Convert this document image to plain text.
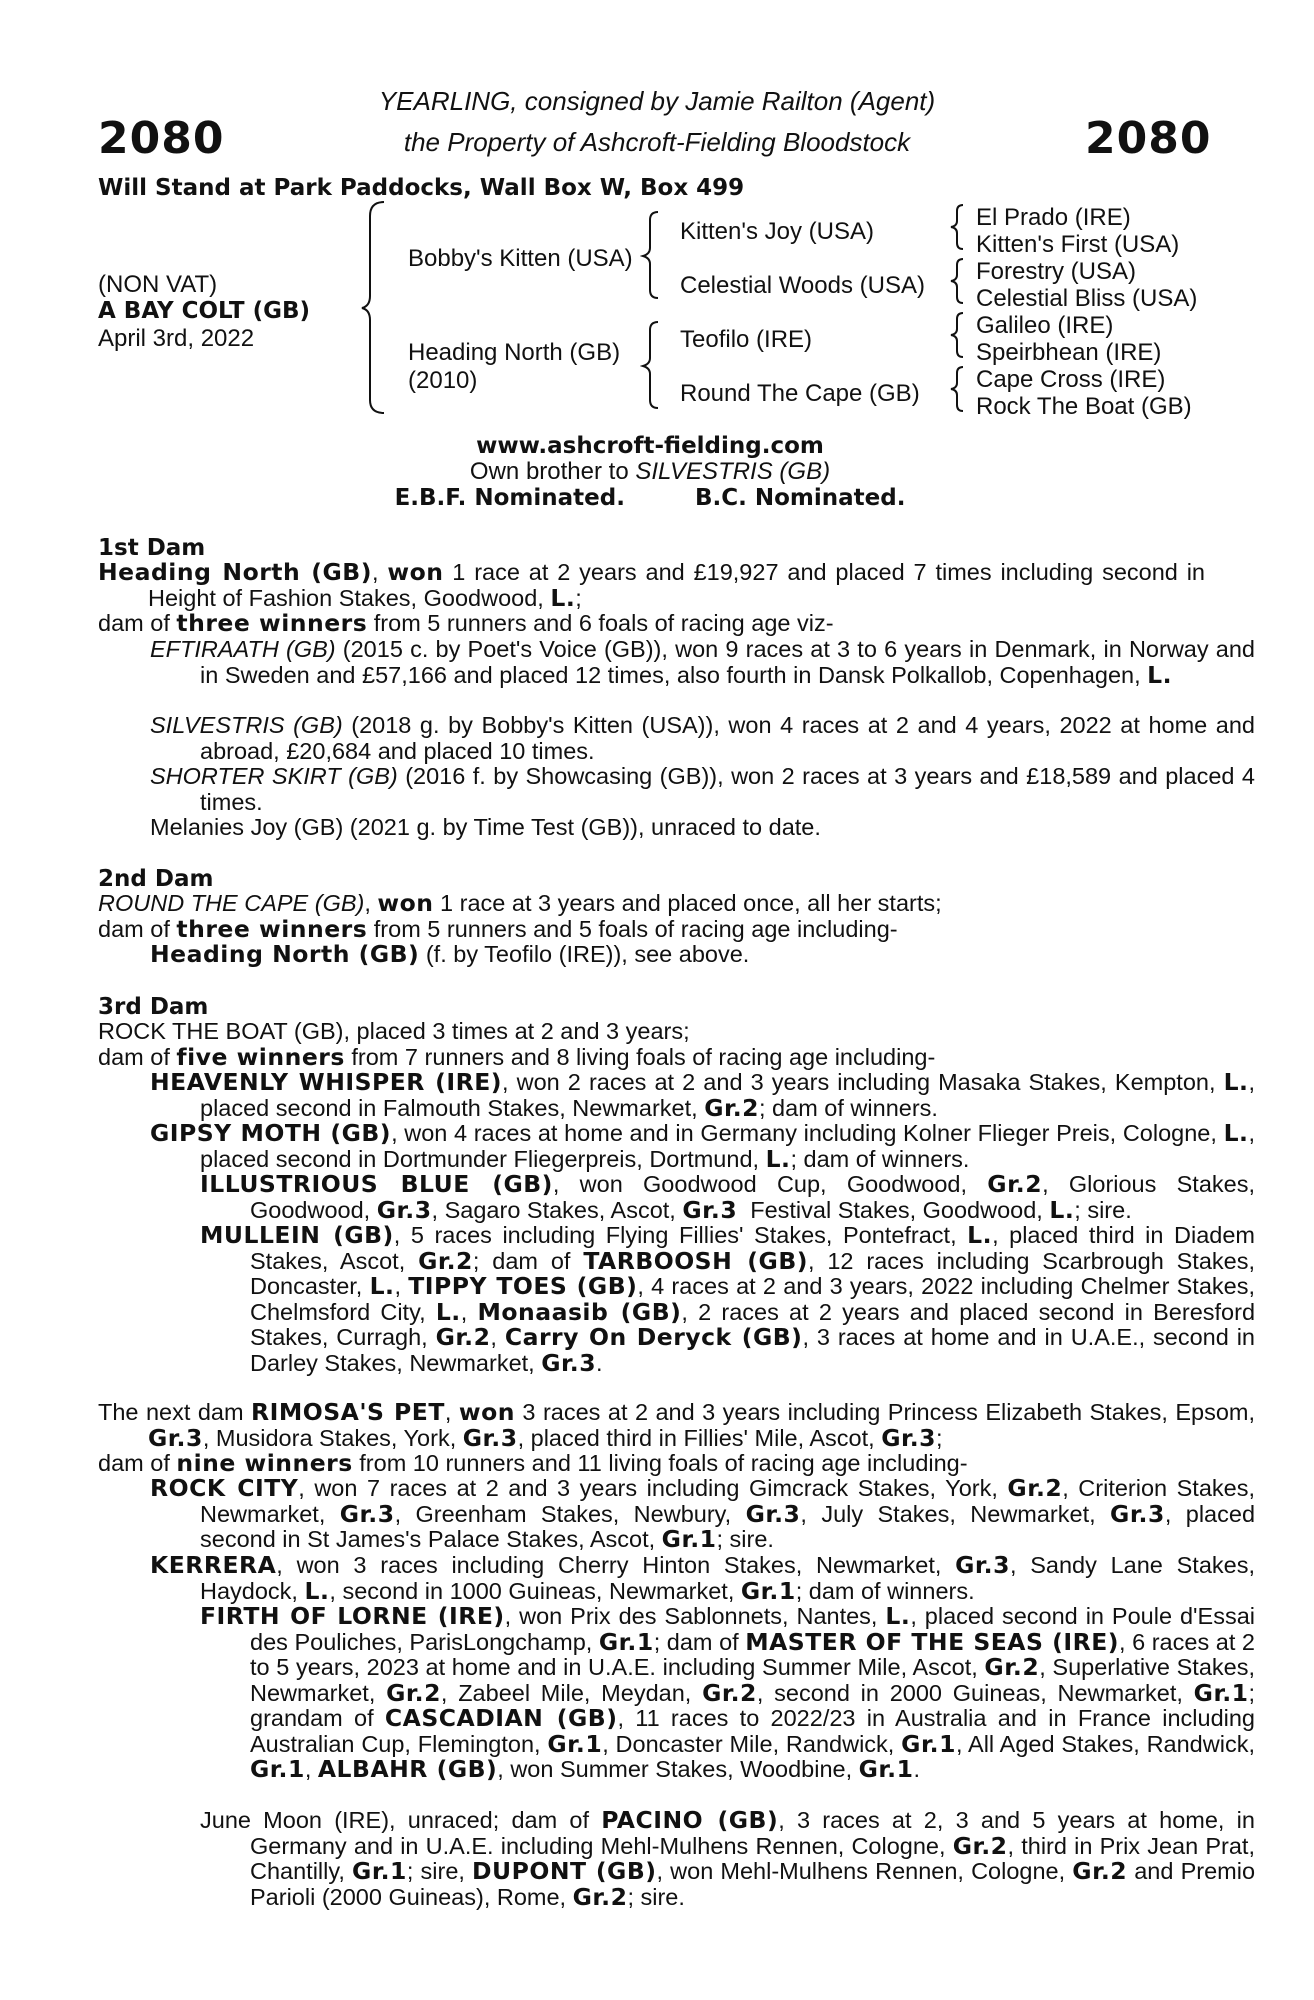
2080	2080
YEARLING, consigned by Jamie Railton (Agent)
the Property of Ashcroft-Fielding Bloodstock
Will Stand at Park Paddocks, Wall Box W, Box 499
(NON VAT)
A BAY COLT (GB)
April 3rd, 2022
Bobby's Kitten (USA)
Heading North (GB)
(2010)
Kitten's Joy (USA)
Celestial Woods (USA)
Teofilo (IRE)
Round The Cape (GB)
El Prado (IRE)
Kitten's First (USA)
Forestry (USA)
Celestial Bliss (USA)
Galileo (IRE)
Speirbhean (IRE)
Cape Cross (IRE)
Rock The Boat (GB)
www.ashcroft-fielding.com
Own brother to SILVESTRIS (GB)
E.B.F. Nominated.	B.C. Nominated.
1st Dam
Heading North (GB), won 1 race at 2 years and £19,927 and placed 7 times including second in Height of Fashion Stakes, Goodwood, L.;
dam of three winners from 5 runners and 6 foals of racing age viz-
EFTIRAATH (GB) (2015 c. by Poet's Voice (GB)), won 9 races at 3 to 6 years in Denmark, in Norway and in Sweden and £57,166 and placed 12 times, also fourth in Dansk Polkallob, Copenhagen, L.
SILVESTRIS (GB) (2018 g. by Bobby's Kitten (USA)), won 4 races at 2 and 4 years, 2022 at home and abroad, £20,684 and placed 10 times.
SHORTER SKIRT (GB) (2016 f. by Showcasing (GB)), won 2 races at 3 years and £18,589 and placed 4 times.
Melanies Joy (GB) (2021 g. by Time Test (GB)), unraced to date.
2nd Dam
ROUND THE CAPE (GB), won 1 race at 3 years and placed once, all her starts;
dam of three winners from 5 runners and 5 foals of racing age including-
Heading North (GB) (f. by Teofilo (IRE)), see above.
3rd Dam
ROCK THE BOAT (GB), placed 3 times at 2 and 3 years;
dam of five winners from 7 runners and 8 living foals of racing age including-
HEAVENLY WHISPER (IRE), won 2 races at 2 and 3 years including Masaka Stakes, Kempton, L., placed second in Falmouth Stakes, Newmarket, Gr.2; dam of winners.
GIPSY MOTH (GB), won 4 races at home and in Germany including Kolner Flieger Preis, Cologne, L., placed second in Dortmunder Fliegerpreis, Dortmund, L.; dam of winners.
ILLUSTRIOUS BLUE (GB), won Goodwood Cup, Goodwood, Gr.2, Glorious Stakes, Goodwood, Gr.3, Sagaro Stakes, Ascot, Gr.3  Festival Stakes, Goodwood, L.; sire.
MULLEIN (GB), 5 races including Flying Fillies' Stakes, Pontefract, L., placed third in Diadem Stakes, Ascot, Gr.2; dam of TARBOOSH (GB), 12 races including Scarbrough Stakes, Doncaster, L., TIPPY TOES (GB), 4 races at 2 and 3 years, 2022 including Chelmer Stakes, Chelmsford City, L., Monaasib (GB), 2 races at 2 years and placed second in Beresford Stakes, Curragh, Gr.2, Carry On Deryck (GB), 3 races at home and in U.A.E., second in Darley Stakes, Newmarket, Gr.3.
The next dam RIMOSA'S PET, won 3 races at 2 and 3 years including Princess Elizabeth Stakes, Epsom, Gr.3, Musidora Stakes, York, Gr.3, placed third in Fillies' Mile, Ascot, Gr.3;
dam of nine winners from 10 runners and 11 living foals of racing age including-
ROCK CITY, won 7 races at 2 and 3 years including Gimcrack Stakes, York, Gr.2, Criterion Stakes, Newmarket, Gr.3, Greenham Stakes, Newbury, Gr.3, July Stakes, Newmarket, Gr.3, placed second in St James's Palace Stakes, Ascot, Gr.1; sire.
KERRERA, won 3 races including Cherry Hinton Stakes, Newmarket, Gr.3, Sandy Lane Stakes, Haydock, L., second in 1000 Guineas, Newmarket, Gr.1; dam of winners.
FIRTH OF LORNE (IRE), won Prix des Sablonnets, Nantes, L., placed second in Poule d'Essai des Pouliches, ParisLongchamp, Gr.1; dam of MASTER OF THE SEAS (IRE), 6 races at 2 to 5 years, 2023 at home and in U.A.E. including Summer Mile, Ascot, Gr.2, Superlative Stakes, Newmarket, Gr.2, Zabeel Mile, Meydan, Gr.2, second in 2000 Guineas, Newmarket, Gr.1; grandam of CASCADIAN (GB), 11 races to 2022/23 in Australia and in France including Australian Cup, Flemington, Gr.1, Doncaster Mile, Randwick, Gr.1, All Aged Stakes, Randwick, Gr.1, ALBAHR (GB), won Summer Stakes, Woodbine, Gr.1.
June Moon (IRE), unraced; dam of PACINO (GB), 3 races at 2, 3 and 5 years at home, in Germany and in U.A.E. including Mehl-Mulhens Rennen, Cologne, Gr.2, third in Prix Jean Prat, Chantilly, Gr.1; sire, DUPONT (GB), won Mehl-Mulhens Rennen, Cologne, Gr.2 and Premio Parioli (2000 Guineas), Rome, Gr.2; sire.
